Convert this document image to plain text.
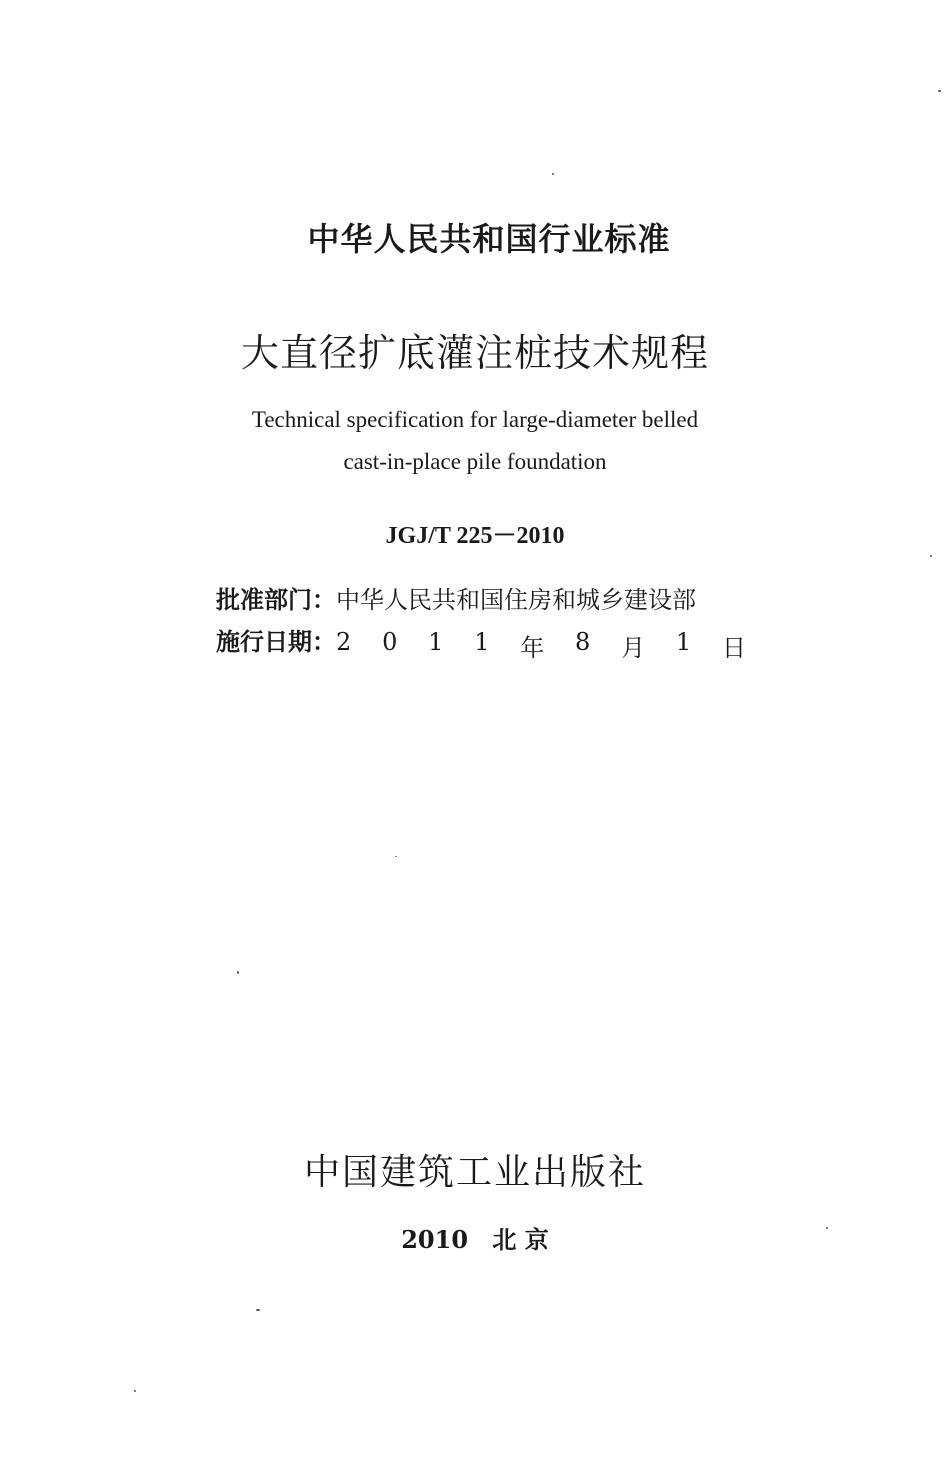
中华人民共和国行业标准
大直径扩底灌注桩技术规程
Technical specification for large-diameter belled
cast-in-place pile foundation
JGJ/T 225－2010
批准部门： 中华人民共和国住房和城乡建设部
施行日期： 2 0 1 1 年 8 月 1 日
中国建筑工业出版社
2010 北 京
